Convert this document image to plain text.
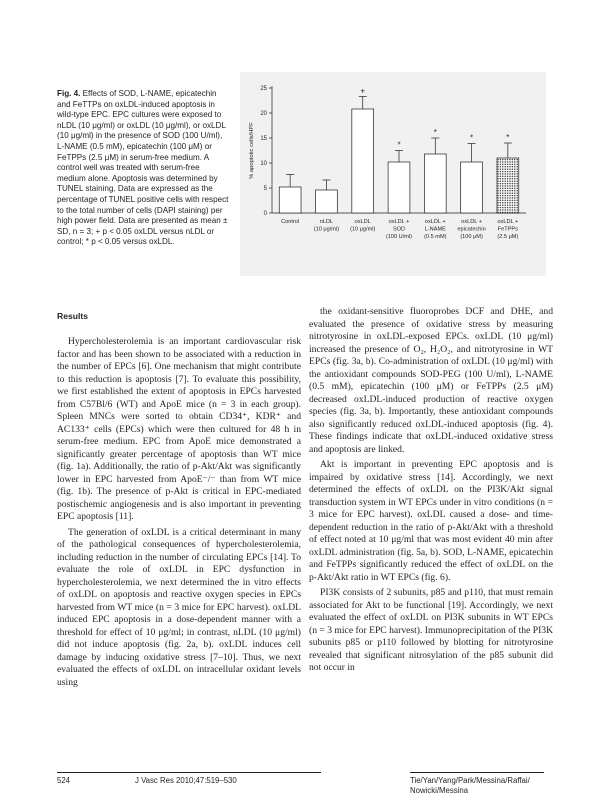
Fig. 4. Effects of SOD, L-NAME, epicatechin and FeTTPs on oxLDL-induced apoptosis in wild-type EPC. EPC cultures were exposed to nLDL (10 μg/ml) or oxLDL (10 μg/ml), or oxLDL (10 μg/ml) in the presence of SOD (100 U/ml), L-NAME (0.5 mM), epicatechin (100 μM) or FeTPPs (2.5 μM) in serum-free medium. A control well was treated with serum-free medium alone. Apoptosis was determined by TUNEL staining. Data are expressed as the percentage of TUNEL positive cells with respect to the total number of cells (DAPI staining) per high power field. Data are presented as mean ± SD, n = 3; + p < 0.05 oxLDL versus nLDL or control; * p < 0.05 versus oxLDL.
0
5
10
15
20
25
% apoptotic cells/HPF
Control	nLDL
(10 μg/ml)
+
oxLDL
(10 μg/ml)
*
oxLDL +
SOD
(100 U/ml)
*
oxLDL +
L-NAME
(0.5 mM)
*
oxLDL +
epicatechin
(100 μM)
*
oxLDL +
FeTPPs
(2.5 μM)
Results

Hypercholesterolemia is an important cardiovascular risk factor and has been shown to be associated with a reduction in the number of EPCs [6]. One mechanism that might contribute to this reduction is apoptosis [7]. To evaluate this possibility, we first established the extent of apoptosis in EPCs harvested from C57Bl/6 (WT) and ApoE mice (n = 3 in each group). Spleen MNCs were sorted to obtain CD34⁺, KDR⁺ and AC133⁺ cells (EPCs) which were then cultured for 48 h in serum-free medium. EPC from ApoE mice demonstrated a significantly greater percentage of apoptosis than WT mice (fig. 1a). Additionally, the ratio of p-Akt/Akt was significantly lower in EPC harvested from ApoE⁻/⁻ than from WT mice (fig. 1b). The presence of p-Akt is critical in EPC-mediated postischemic angiogenesis and is also important in preventing EPC apoptosis [11].

The generation of oxLDL is a critical determinant in many of the pathological consequences of hypercholesterolemia, including reduction in the number of circulating EPCs [14]. To evaluate the role of oxLDL in EPC dysfunction in hypercholesterolemia, we next determined the in vitro effects of oxLDL on apoptosis and reactive oxygen species in EPCs harvested from WT mice (n = 3 mice for EPC harvest). oxLDL induced EPC apoptosis in a dose-dependent manner with a threshold for effect of 10 μg/ml; in contrast, nLDL (10 μg/ml) did not induce apoptosis (fig. 2a, b). oxLDL induces cell damage by inducing oxidative stress [7–10]. Thus, we next evaluated the effects of oxLDL on intracellular oxidant levels using

the oxidant-sensitive fluoroprobes DCF and DHE, and evaluated the presence of oxidative stress by measuring nitrotyrosine in oxLDL-exposed EPCs. oxLDL (10 μg/ml) increased the presence of O₂, H₂O₂, and nitrotyrosine in WT EPCs (fig. 3a, b). Co-administration of oxLDL (10 μg/ml) with the antioxidant compounds SOD-PEG (100 U/ml), L-NAME (0.5 mM), epicatechin (100 μM) or FeTPPs (2.5 μM) decreased oxLDL-induced production of reactive oxygen species (fig. 3a, b). Importantly, these antioxidant compounds also significantly reduced oxLDL-induced apoptosis (fig. 4). These findings indicate that oxLDL-induced oxidative stress and apoptosis are linked.

Akt is important in preventing EPC apoptosis and is impaired by oxidative stress [14]. Accordingly, we next determined the effects of oxLDL on the PI3K/Akt signal transduction system in WT EPCs under in vitro conditions (n = 3 mice for EPC harvest). oxLDL caused a dose- and time-dependent reduction in the ratio of p-Akt/Akt with a threshold of effect noted at 10 μg/ml that was most evident 40 min after oxLDL administration (fig. 5a, b). SOD, L-NAME, epicatechin and FeTPPs significantly reduced the effect of oxLDL on the p-Akt/Akt ratio in WT EPCs (fig. 6).

PI3K consists of 2 subunits, p85 and p110, that must remain associated for Akt to be functional [19]. Accordingly, we next evaluated the effect of oxLDL on PI3K subunits in WT EPCs (n = 3 mice for EPC harvest). Immunoprecipitation of the PI3K subunits p85 or p110 followed by blotting for nitrotyrosine revealed that significant nitrosylation of the p85 subunit did not occur in

524	J Vasc Res 2010;47:519–530	Tie/Yan/Yang/Park/Messina/Raffai/
Nowicki/Messina
